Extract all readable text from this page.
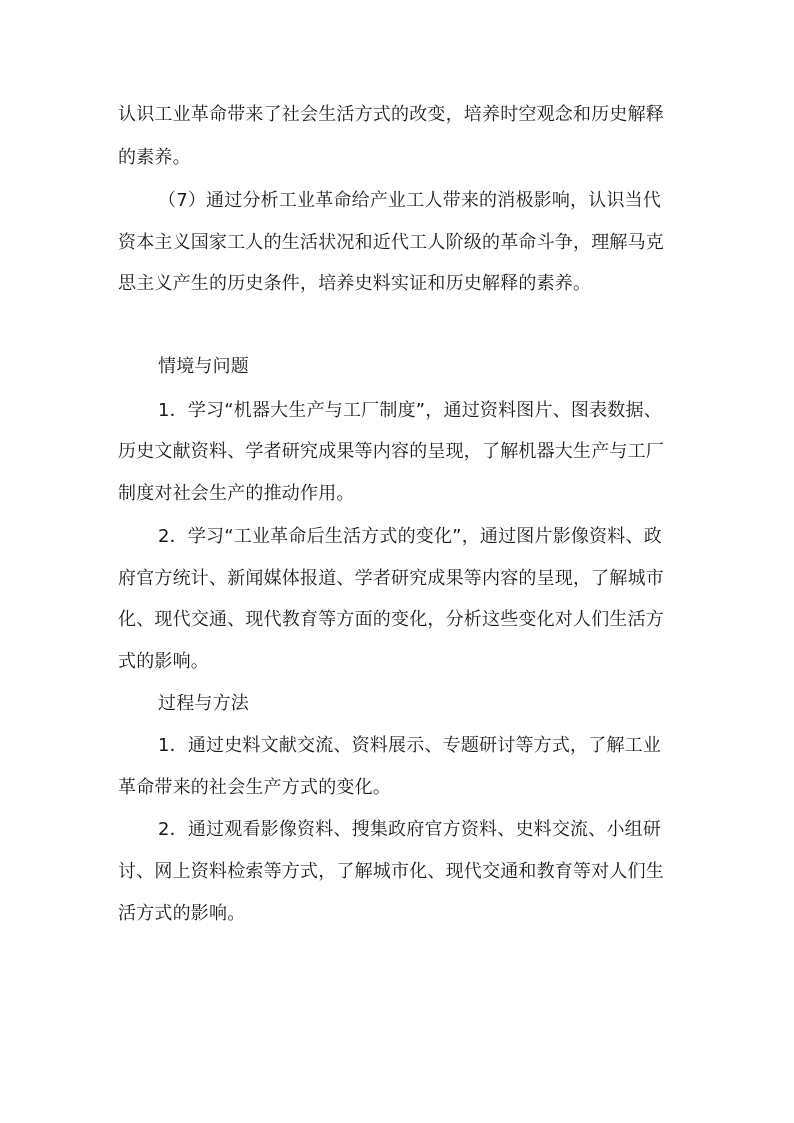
认识工业革命带来了社会生活方式的改变，培养时空观念和历史解释
的素养。
（7）通过分析工业革命给产业工人带来的消极影响，认识当代
资本主义国家工人的生活状况和近代工人阶级的革命斗争，理解马克
思主义产生的历史条件，培养史料实证和历史解释的素养。
情境与问题
1．学习“机器大生产与工厂制度”，通过资料图片、图表数据、
历史文献资料、学者研究成果等内容的呈现，了解机器大生产与工厂
制度对社会生产的推动作用。
2．学习“工业革命后生活方式的变化”，通过图片影像资料、政
府官方统计、新闻媒体报道、学者研究成果等内容的呈现，了解城市
化、现代交通、现代教育等方面的变化，分析这些变化对人们生活方
式的影响。
过程与方法
1．通过史料文献交流、资料展示、专题研讨等方式，了解工业
革命带来的社会生产方式的变化。
2．通过观看影像资料、搜集政府官方资料、史料交流、小组研
讨、网上资料检索等方式，了解城市化、现代交通和教育等对人们生
活方式的影响。
